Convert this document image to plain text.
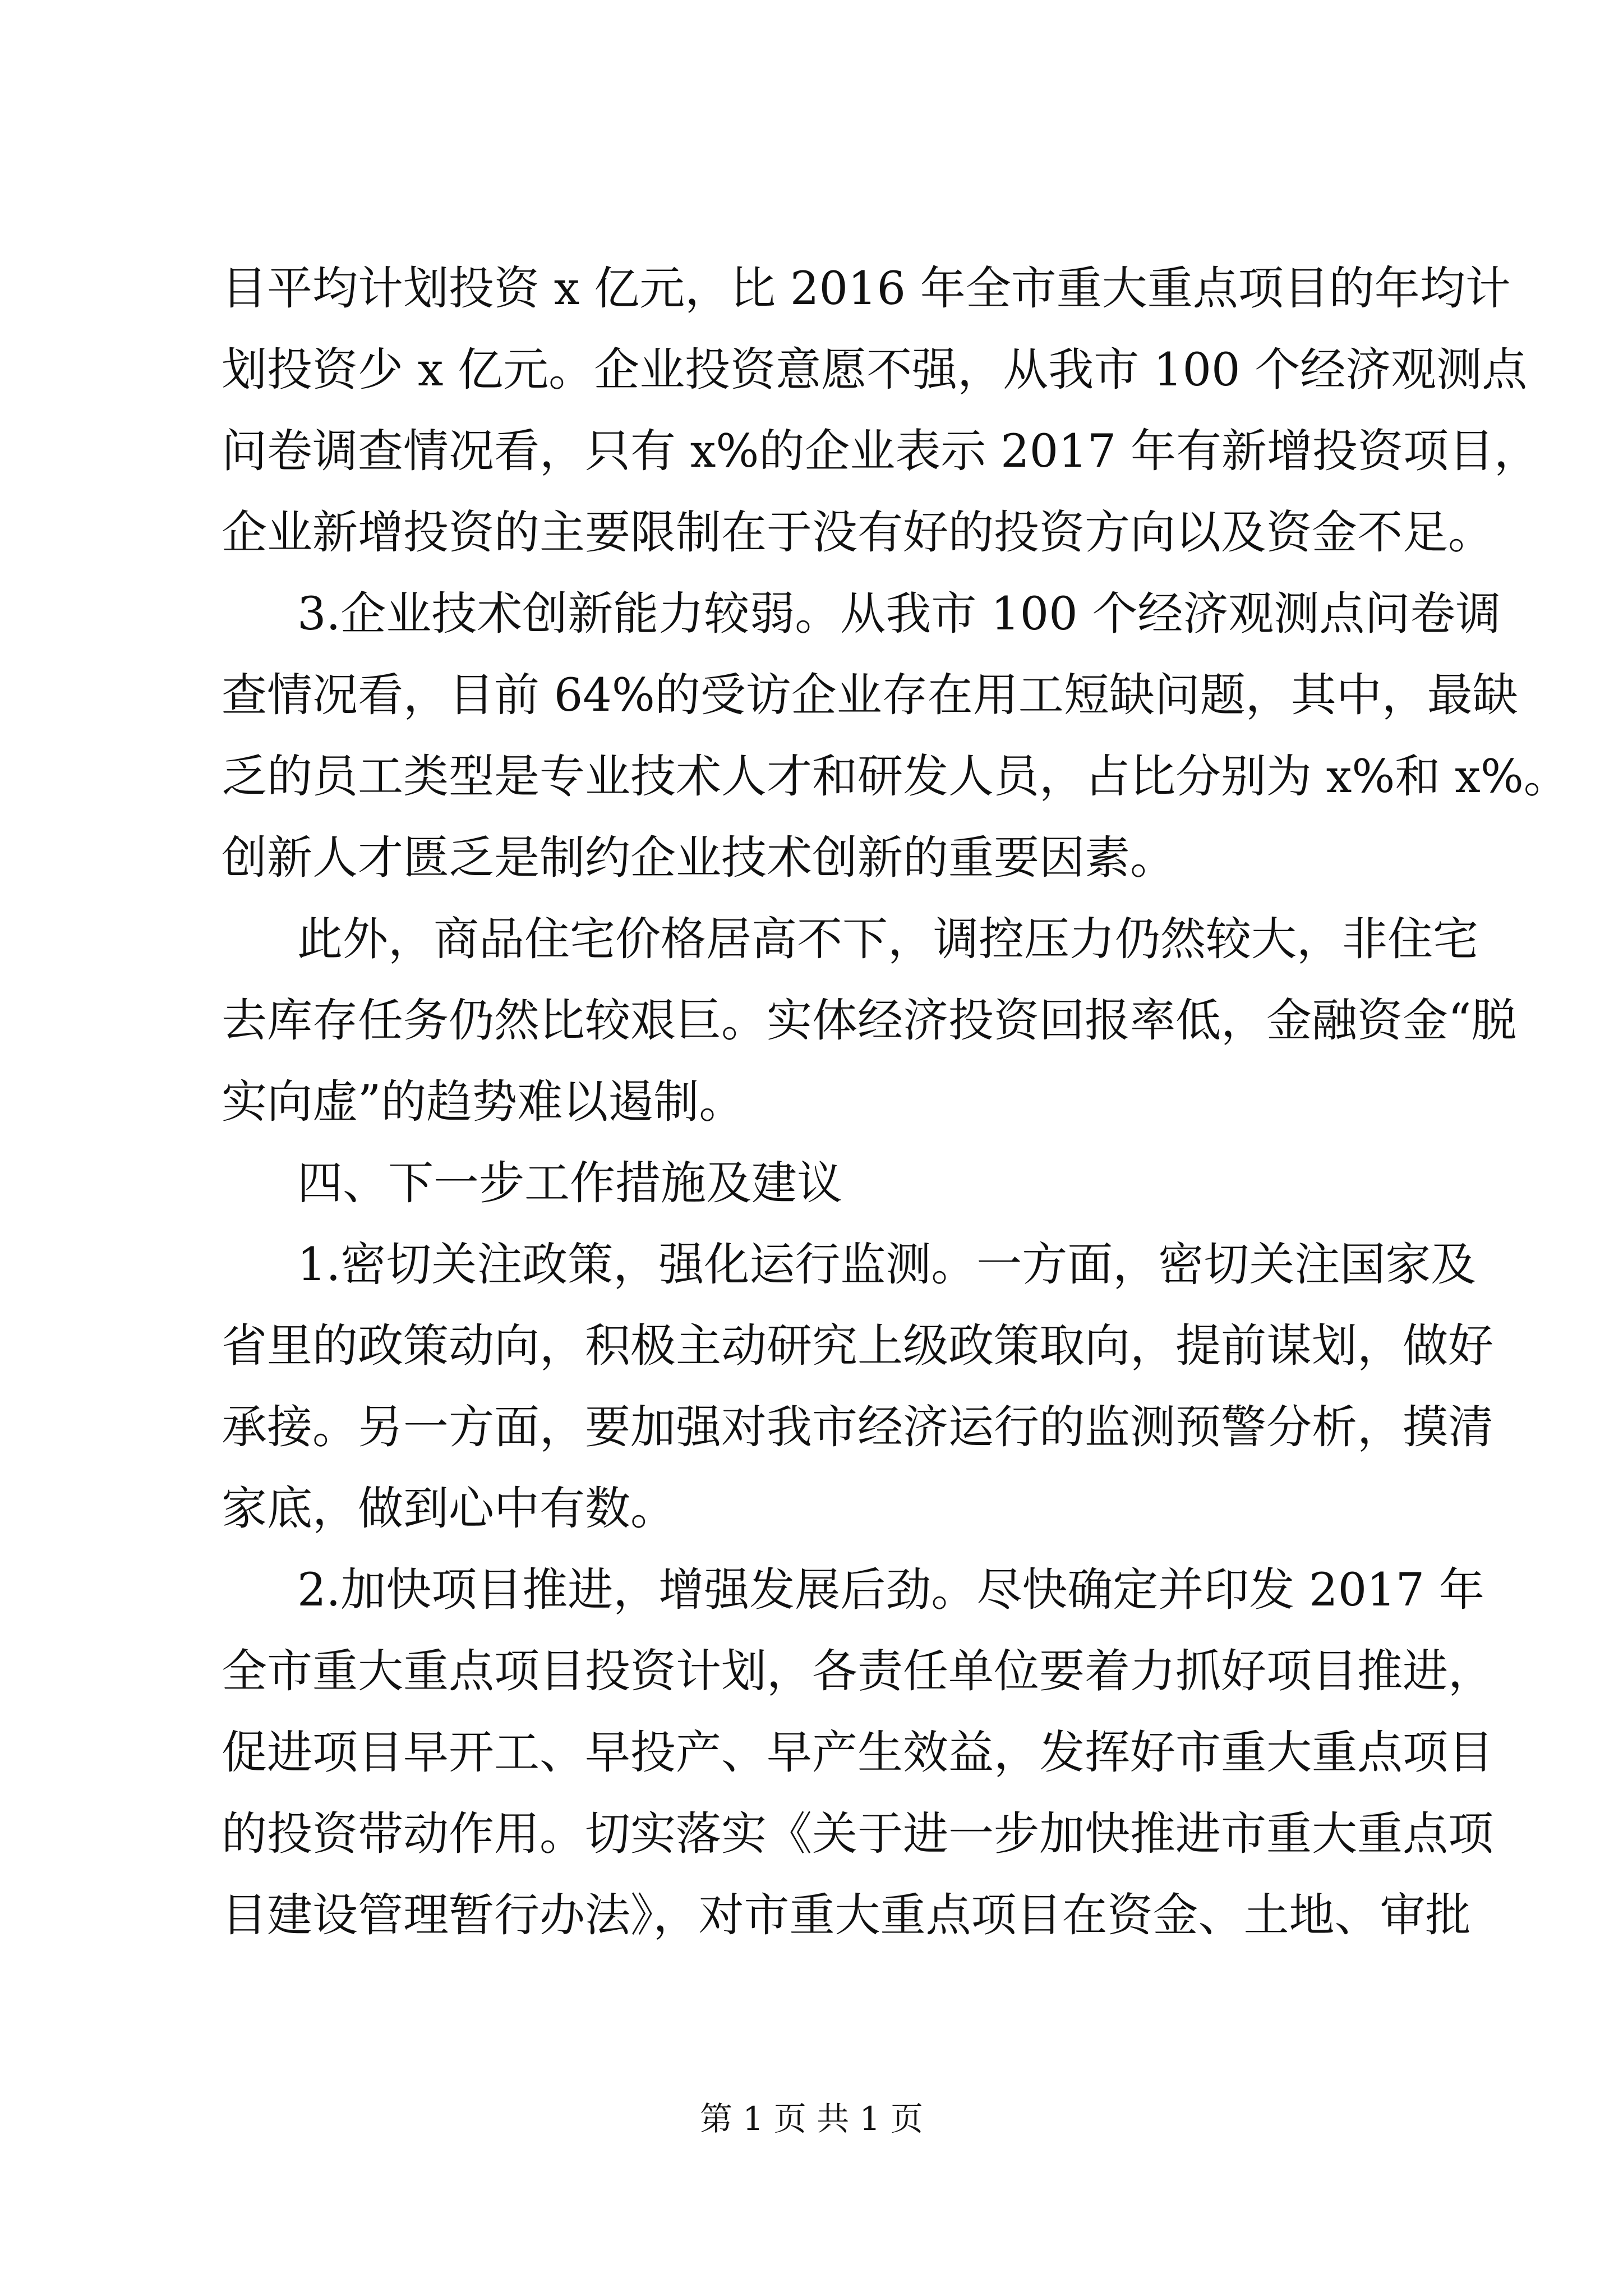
目平均计划投资 x 亿元，比 2016 年全市重大重点项目的年均计
划投资少 x 亿元。企业投资意愿不强，从我市 100 个经济观测点
问卷调查情况看，只有 x%的企业表示 2017 年有新增投资项目，
企业新增投资的主要限制在于没有好的投资方向以及资金不足。
3.企业技术创新能力较弱。从我市 100 个经济观测点问卷调
查情况看，目前 64%的受访企业存在用工短缺问题，其中，最缺
乏的员工类型是专业技术人才和研发人员，占比分别为 x%和 x%。
创新人才匮乏是制约企业技术创新的重要因素。
此外，商品住宅价格居高不下，调控压力仍然较大，非住宅
去库存任务仍然比较艰巨。实体经济投资回报率低，金融资金“脱
实向虚”的趋势难以遏制。
四、下一步工作措施及建议
1.密切关注政策，强化运行监测。一方面，密切关注国家及
省里的政策动向，积极主动研究上级政策取向，提前谋划，做好
承接。另一方面，要加强对我市经济运行的监测预警分析，摸清
家底，做到心中有数。
2.加快项目推进，增强发展后劲。尽快确定并印发 2017 年
全市重大重点项目投资计划，各责任单位要着力抓好项目推进，
促进项目早开工、早投产、早产生效益，发挥好市重大重点项目
的投资带动作用。切实落实《关于进一步加快推进市重大重点项
目建设管理暂行办法》，对市重大重点项目在资金、土地、审批
第 1 页 共 1 页
